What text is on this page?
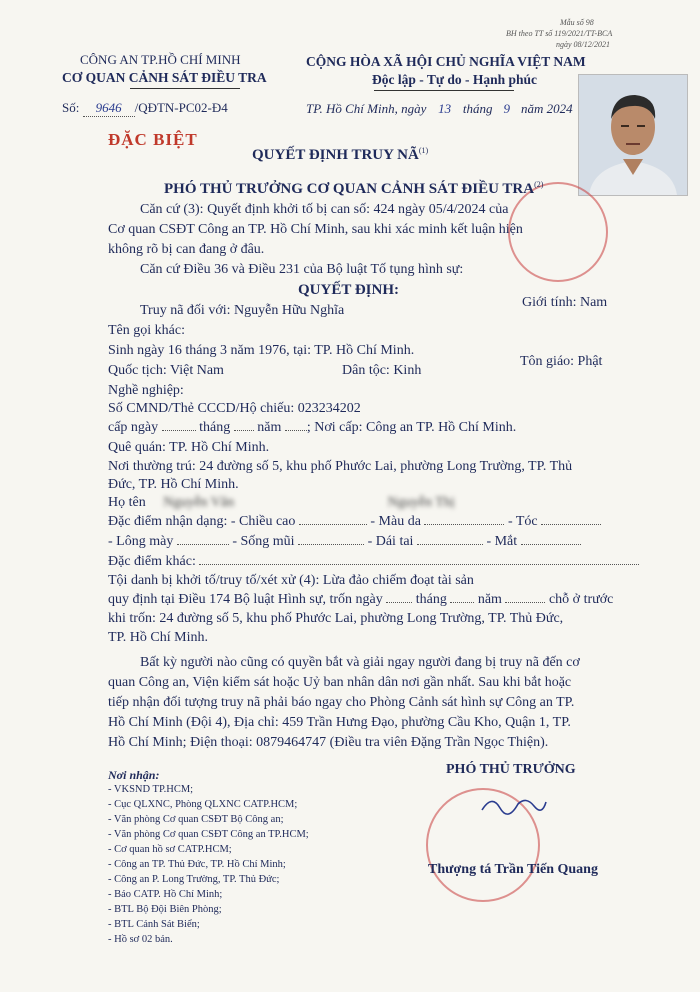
Mẫu số 98
BH theo TT số 119/2021/TT-BCA
ngày 08/12/2021
CÔNG AN TP.HỒ CHÍ MINH
CƠ QUAN CẢNH SÁT ĐIỀU TRA
Số: 9646 /QĐTN-PC02-Đ4
CỘNG HÒA XÃ HỘI CHỦ NGHĨA VIỆT NAM
Độc lập - Tự do - Hạnh phúc
TP. Hồ Chí Minh, ngày 13 tháng 9 năm 2024
ĐẶC BIỆT
QUYẾT ĐỊNH TRUY NÃ$^{(1)}$
PHÓ THỦ TRƯỞNG CƠ QUAN CẢNH SÁT ĐIỀU TRA$^{(2)}$
Căn cứ (3): Quyết định khởi tố bị can số: 424 ngày 05/4/2024 của
Cơ quan CSĐT Công an TP. Hồ Chí Minh, sau khi xác minh kết luận hiện
không rõ bị can đang ở đâu.
Căn cứ Điều 36 và Điều 231 của Bộ luật Tố tụng hình sự:
QUYẾT ĐỊNH:
Truy nã đối với: Nguyễn Hữu Nghĩa
Giới tính: Nam
Tên gọi khác:
Sinh ngày 16 tháng 3 năm 1976, tại: TP. Hồ Chí Minh.
Quốc tịch: Việt Nam	Dân tộc: Kinh
Tôn giáo: Phật
Nghề nghiệp:
Số CMND/Thẻ CCCD/Hộ chiếu: 023234202
cấp ngày	tháng năm ; Nơi cấp: Công an TP. Hồ Chí Minh.
Quê quán: TP. Hồ Chí Minh.
Nơi thường trú: 24 đường số 5, khu phố Phước Lai, phường Long Trường, TP. Thủ
Đức, TP. Hồ Chí Minh.
Họ tên Nguyễn Văn	Nguyễn Thị
Đặc điểm nhận dạng: - Chiều cao	- Màu da	- Tóc
- Lông mày	- Sống mũi	- Dái tai	- Mắt
Đặc điểm khác:
Tội danh bị khởi tố/truy tố/xét xử (4): Lừa đảo chiếm đoạt tài sản
quy định tại Điều 174 Bộ luật Hình sự, trốn ngày tháng năm	chỗ ở trước
khi trốn: 24 đường số 5, khu phố Phước Lai, phường Long Trường, TP. Thủ Đức,
TP. Hồ Chí Minh.
Bất kỳ người nào cũng có quyền bắt và giải ngay người đang bị truy nã đến cơ
quan Công an, Viện kiểm sát hoặc Uỷ ban nhân dân nơi gần nhất. Sau khi bắt hoặc
tiếp nhận đối tượng truy nã phải báo ngay cho Phòng Cảnh sát hình sự Công an TP.
Hồ Chí Minh (Đội 4), Địa chỉ: 459 Trần Hưng Đạo, phường Cầu Kho, Quận 1, TP.
Hồ Chí Minh; Điện thoại: 0879464747 (Điều tra viên Đặng Trần Ngọc Thiện).
Nơi nhận:
- VKSND TP.HCM;
- Cục QLXNC, Phòng QLXNC CATP.HCM;
- Văn phòng Cơ quan CSĐT Bộ Công an;
- Văn phòng Cơ quan CSĐT Công an TP.HCM;
- Cơ quan hồ sơ CATP.HCM;
- Công an TP. Thủ Đức, TP. Hồ Chí Minh;
- Công an P. Long Trường, TP. Thủ Đức;
- Báo CATP. Hồ Chí Minh;
- BTL Bộ Đội Biên Phòng;
- BTL Cảnh Sát Biển;
- Hồ sơ 02 bản.
PHÓ THỦ TRƯỞNG
Thượng tá Trần Tiến Quang
